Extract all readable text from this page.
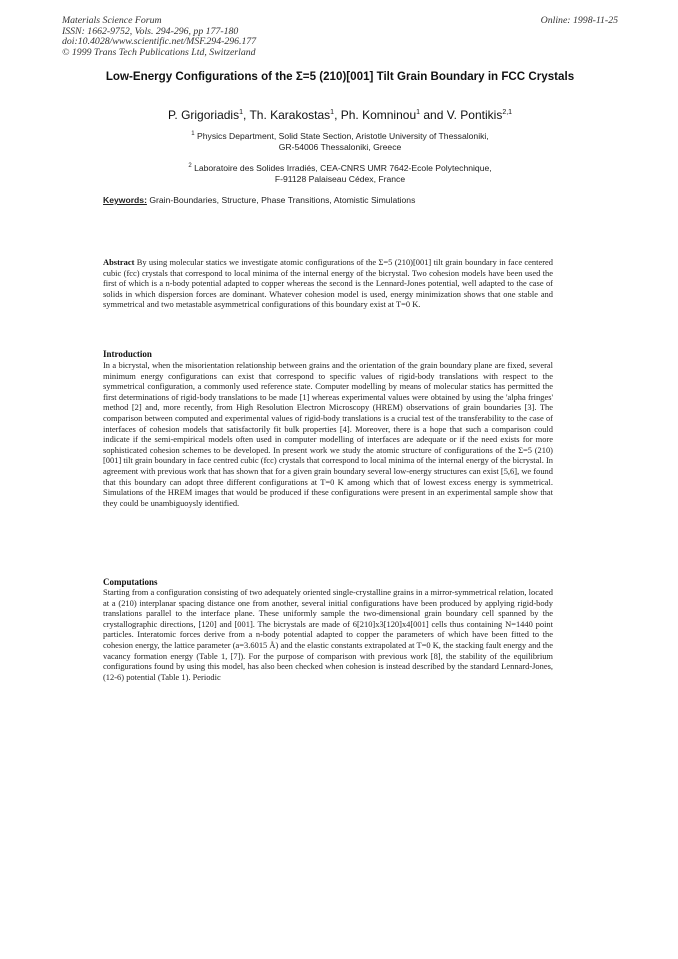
Materials Science Forum
ISSN: 1662-9752, Vols. 294-296, pp 177-180
doi:10.4028/www.scientific.net/MSF.294-296.177
© 1999 Trans Tech Publications Ltd, Switzerland
Online: 1998-11-25
Low-Energy Configurations of the Σ=5 (210)[001] Tilt Grain Boundary in FCC Crystals
P. Grigoriadis$^1$, Th. Karakostas$^1$, Ph. Komninou$^1$ and V. Pontikis$^{2,1}$
$^1$ Physics Department, Solid State Section, Aristotle University of Thessaloniki,
GR-54006 Thessaloniki, Greece
$^2$ Laboratoire des Solides Irradiés, CEA-CNRS UMR 7642-Ecole Polytechnique,
F-91128 Palaiseau Cédex, France
Keywords: Grain-Boundaries, Structure, Phase Transitions, Atomistic Simulations

Abstract By using molecular statics we investigate atomic configurations of the Σ=5 (210)[001] tilt grain boundary in face centered cubic (fcc) crystals that correspond to local minima of the internal energy of the bicrystal. Two cohesion models have been used the first of which is a n-body potential adapted to copper whereas the second is the Lennard-Jones potential, well adapted to the case of solids in which dispersion forces are dominant. Whatever cohesion model is used, energy minimization shows that one stable and symmetrical and two metastable asymmetrical configurations of this boundary exist at T=0 K.

Introduction

In a bicrystal, when the misorientation relationship between grains and the orientation of the grain boundary plane are fixed, several minimum energy configurations can exist that correspond to specific values of rigid-body translations with respect to the symmetrical configuration, a commonly used reference state. Computer modelling by means of molecular statics has permitted the first determinations of rigid-body translations to be made [1] whereas experimental values were obtained by using the 'alpha fringes' method [2] and, more recently, from High Resolution Electron Microscopy (HREM) observations of grain boundaries [3]. The comparison between computed and experimental values of rigid-body translations is a crucial test of the transferability to the case of interfaces of cohesion models that satisfactorily fit bulk properties [4]. Moreover, there is a hope that such a comparison could indicate if the semi-empirical models often used in computer modelling of interfaces are adequate or if the need exists for more sophisticated cohesion schemes to be developed. In present work we study the atomic structure of configurations of the Σ=5 (210)[001] tilt grain boundary in face centred cubic (fcc) crystals that correspond to local minima of the internal energy of the bicrystal. In agreement with previous work that has shown that for a given grain boundary several low-energy structures can exist [5,6], we found that this boundary can adopt three different configurations at T=0 K among which that of lowest excess energy is symmetrical. Simulations of the HREM images that would be produced if these configurations were present in an experimental sample show that they could be unambiguoysly identified.

Computations

Starting from a configuration consisting of two adequately oriented single-crystalline grains in a mirror-symmetrical relation, located at a (210) interplanar spacing distance one from another, several initial configurations have been produced by applying rigid-body translations parallel to the interface plane. These uniformly sample the two-dimensional grain boundary cell spanned by the crystallographic directions, [120] and [001]. The bicrystals are made of 6[210]x3[120]x4[001] cells thus containing N=1440 point particles. Interatomic forces derive from a n-body potential adapted to copper the parameters of which have been fitted to the cohesion energy, the lattice parameter (a=3.6015 Å) and the elastic constants extrapolated at T=0 K, the stacking fault energy and the vacancy formation energy (Table 1, [7]). For the purpose of comparison with previous work [8], the stability of the equilibrium configurations found by using this model, has also been checked when cohesion is instead described by the standard Lennard-Jones, (12-6) potential (Table 1). Periodic
